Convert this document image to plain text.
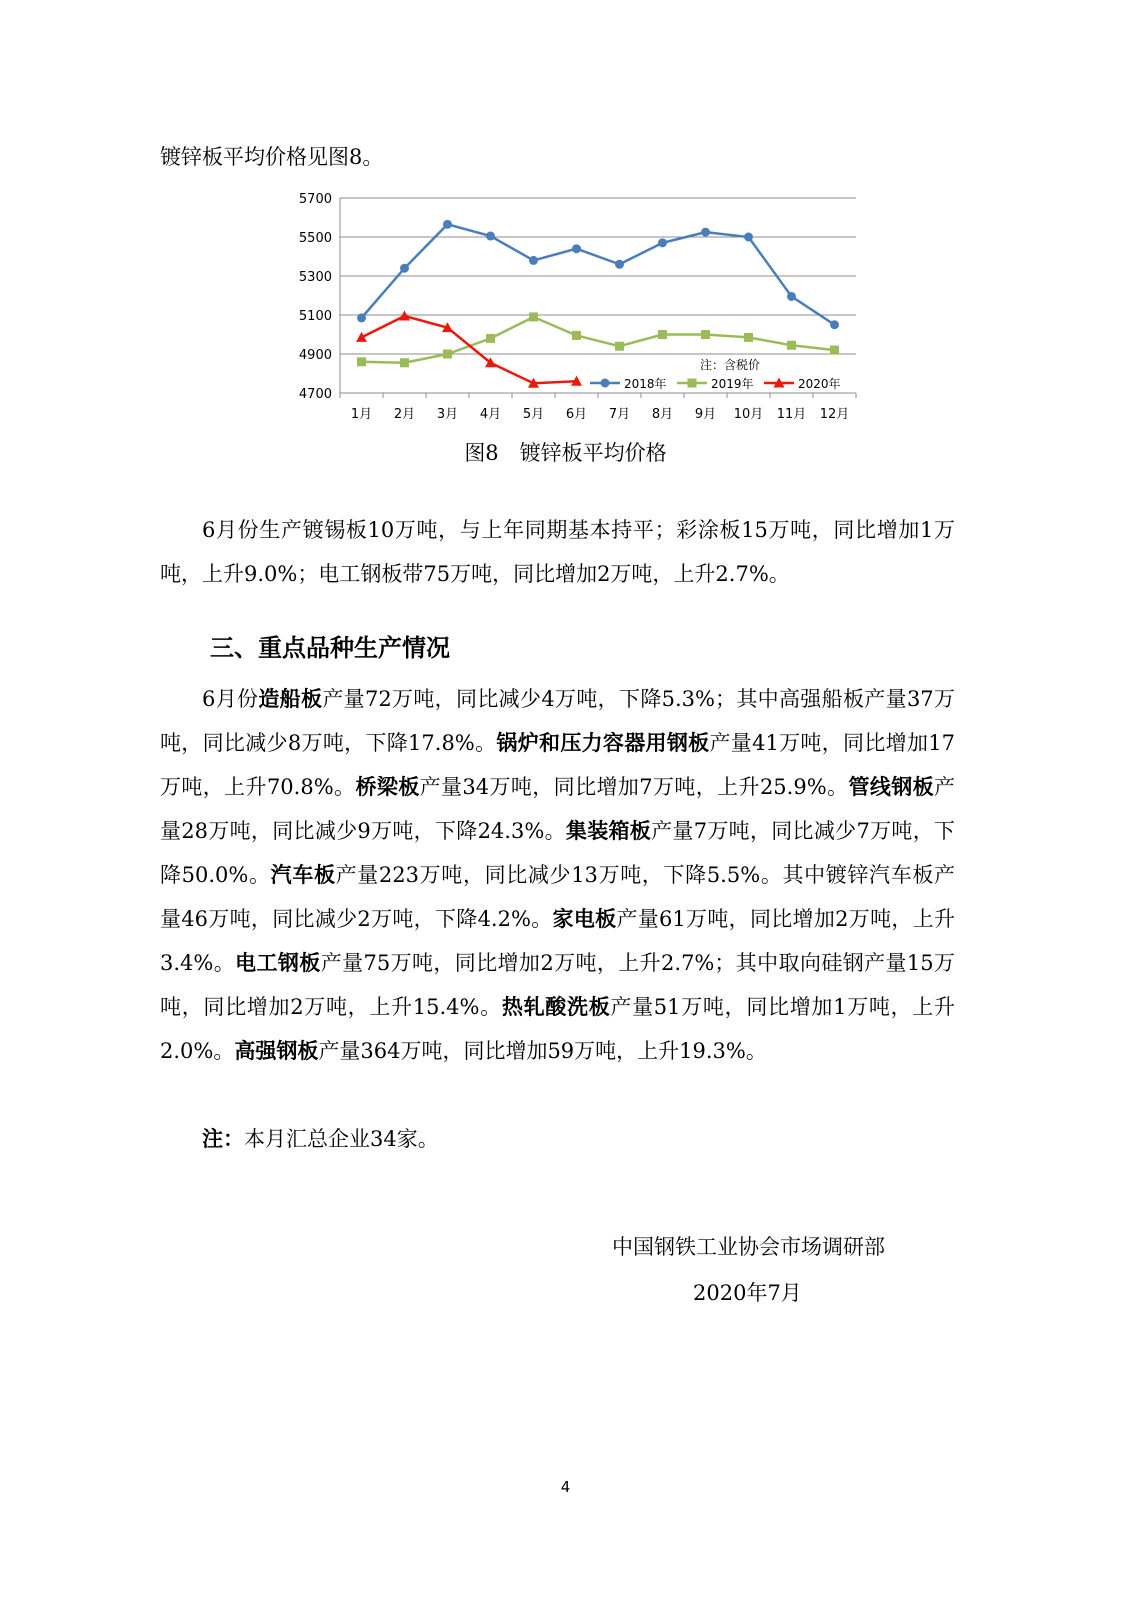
镀锌板平均价格见图8。
4700
4900
5100
5300
5500
5700
1月 2月 3月 4月 5月 6月 7月 8月 9月 10月 11月 12月
注：含税价
2018年	2019年	2020年
图8　镀锌板平均价格
6月份生产镀锡板10万吨，与上年同期基本持平；彩涂板15万吨，同比增加1万吨，上升9.0%；电工钢板带75万吨，同比增加2万吨，上升2.7%。
三、重点品种生产情况
6月份造船板产量72万吨，同比减少4万吨，下降5.3%；其中高强船板产量37万吨，同比减少8万吨，下降17.8%。锅炉和压力容器用钢板产量41万吨，同比增加17万吨，上升70.8%。桥梁板产量34万吨，同比增加7万吨，上升25.9%。管线钢板产量28万吨，同比减少9万吨，下降24.3%。集装箱板产量7万吨，同比减少7万吨，下降50.0%。汽车板产量223万吨，同比减少13万吨，下降5.5%。其中镀锌汽车板产量46万吨，同比减少2万吨，下降4.2%。家电板产量61万吨，同比增加2万吨，上升3.4%。电工钢板产量75万吨，同比增加2万吨，上升2.7%；其中取向硅钢产量15万吨，同比增加2万吨，上升15.4%。热轧酸洗板产量51万吨，同比增加1万吨，上升2.0%。高强钢板产量364万吨，同比增加59万吨，上升19.3%。
注：本月汇总企业34家。
中国钢铁工业协会市场调研部
2020年7月
4
